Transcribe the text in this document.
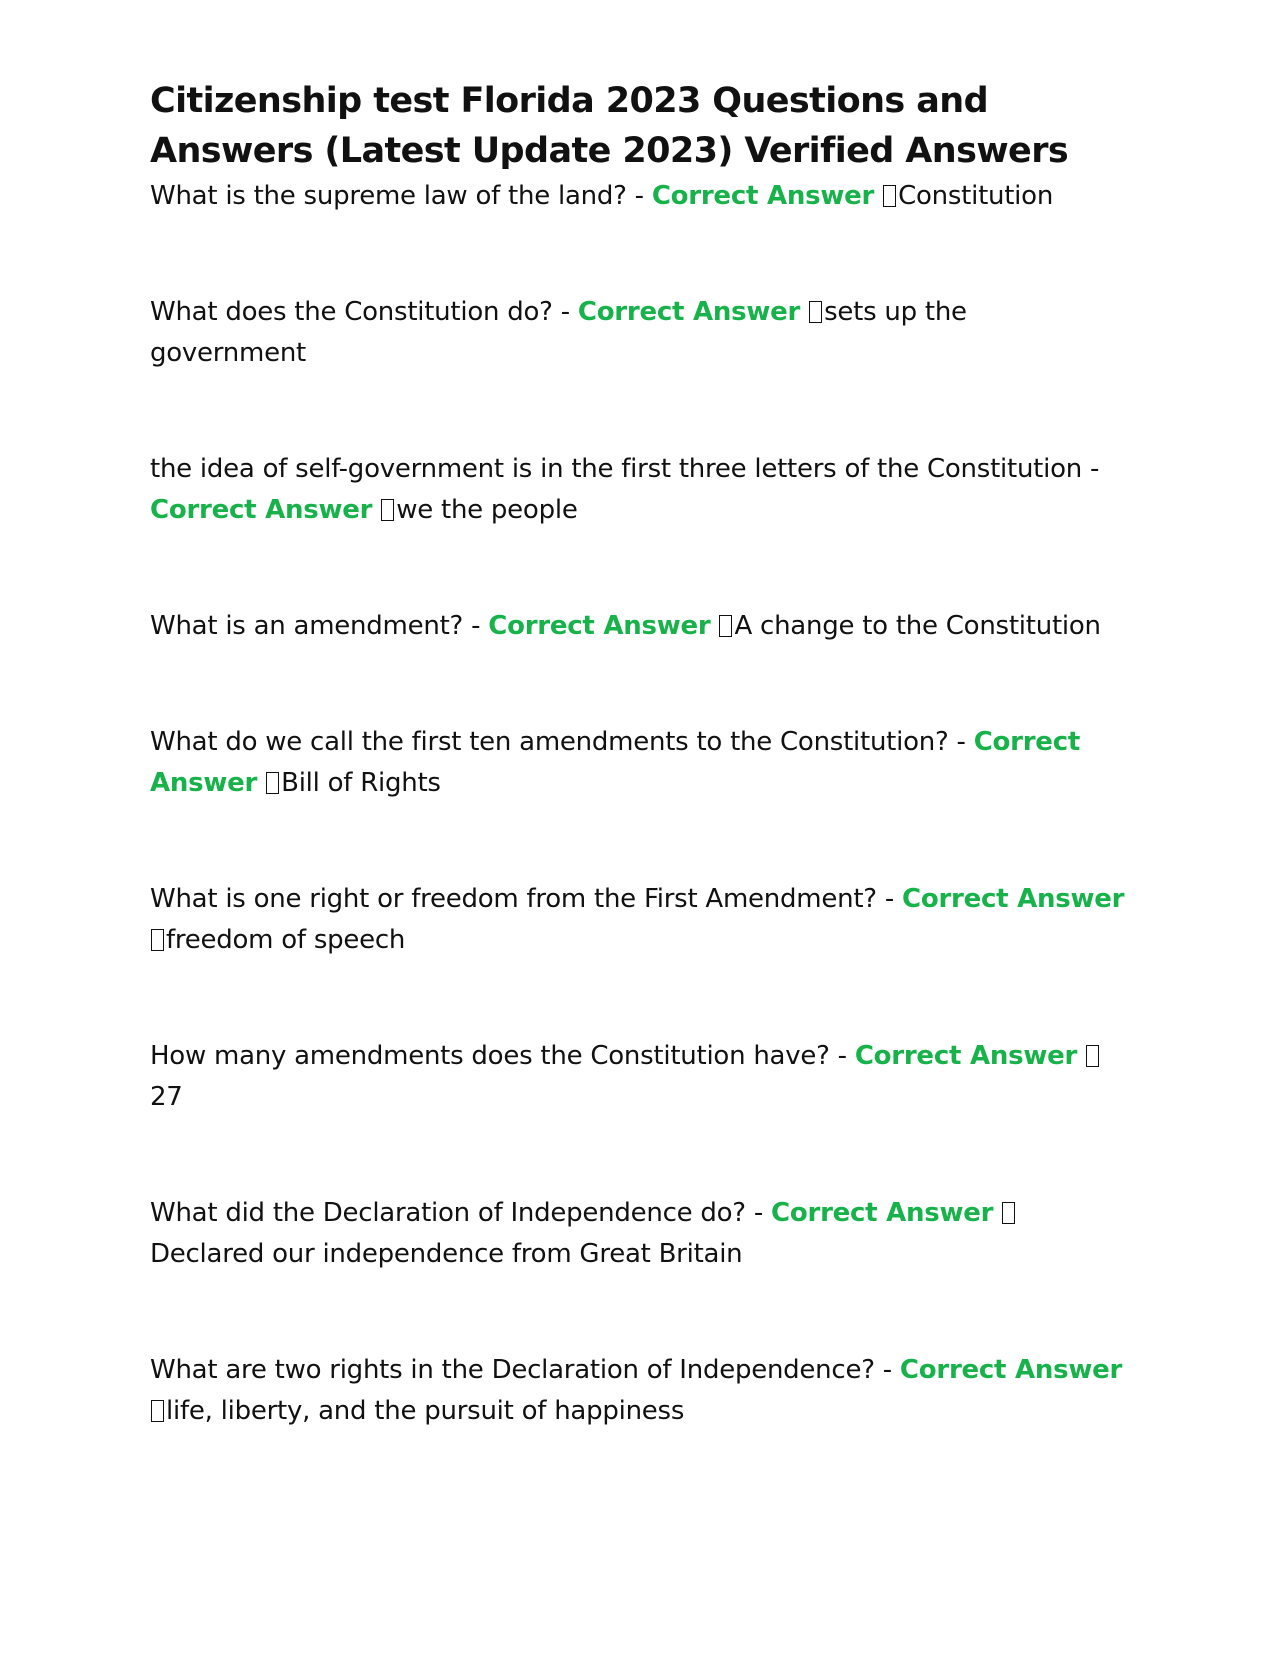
Citizenship test Florida 2023 Questions and Answers (Latest Update 2023) Verified Answers
What is the supreme law of the land? - Correct Answer Constitution
What does the Constitution do? - Correct Answer sets up the government
the idea of self-government is in the first three letters of the Constitution - Correct Answer we the people
What is an amendment? - Correct Answer A change to the Constitution
What do we call the first ten amendments to the Constitution? - Correct Answer Bill of Rights
What is one right or freedom from the First Amendment? - Correct Answer freedom of speech
How many amendments does the Constitution have? - Correct Answer 27
What did the Declaration of Independence do? - Correct Answer Declared our independence from Great Britain
What are two rights in the Declaration of Independence? - Correct Answer life, liberty, and the pursuit of happiness
